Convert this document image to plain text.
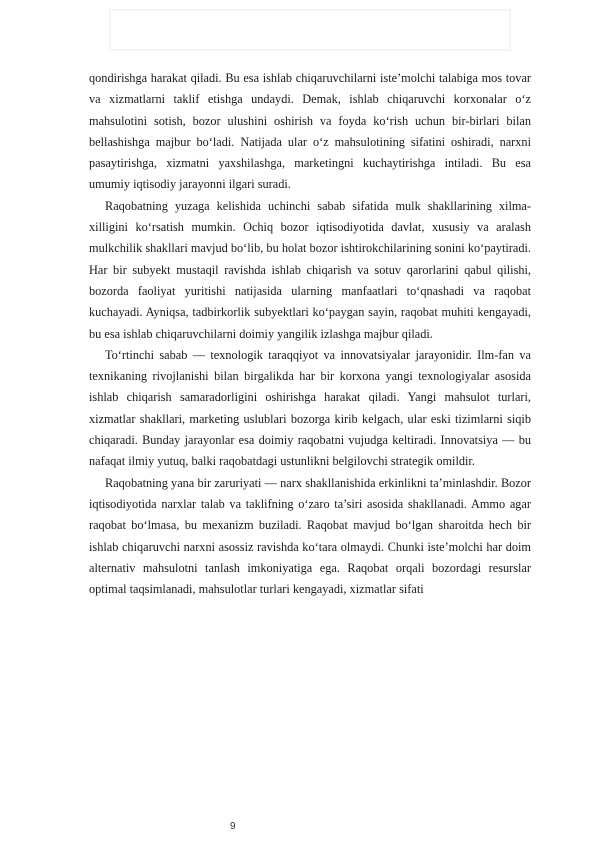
qondirishga harakat qiladi. Bu esa ishlab chiqaruvchilarni iste’molchi talabiga mos tovar va xizmatlarni taklif etishga undaydi. Demak, ishlab chiqaruvchi korxonalar o‘z mahsulotini sotish, bozor ulushini oshirish va foyda ko‘rish uchun bir-birlari bilan bellashishga majbur bo‘ladi. Natijada ular o‘z mahsulotining sifatini oshiradi, narxni pasaytirishga, xizmatni yaxshilashga, marketingni kuchaytirishga intiladi. Bu esa umumiy iqtisodiy jarayonni ilgari suradi.

Raqobatning yuzaga kelishida uchinchi sabab sifatida mulk shakllarining xilma-xilligini ko‘rsatish mumkin. Ochiq bozor iqtisodiyotida davlat, xususiy va aralash mulkchilik shakllari mavjud bo‘lib, bu holat bozor ishtirokchilarining sonini ko‘paytiradi. Har bir subyekt mustaqil ravishda ishlab chiqarish va sotuv qarorlarini qabul qilishi, bozorda faoliyat yuritishi natijasida ularning manfaatlari to‘qnashadi va raqobat kuchayadi. Ayniqsa, tadbirkorlik subyektlari ko‘paygan sayin, raqobat muhiti kengayadi, bu esa ishlab chiqaruvchilarni doimiy yangilik izlashga majbur qiladi.

To‘rtinchi sabab — texnologik taraqqiyot va innovatsiyalar jarayonidir. Ilm-fan va texnikaning rivojlanishi bilan birgalikda har bir korxona yangi texnologiyalar asosida ishlab chiqarish samaradorligini oshirishga harakat qiladi. Yangi mahsulot turlari, xizmatlar shakllari, marketing uslublari bozorga kirib kelgach, ular eski tizimlarni siqib chiqaradi. Bunday jarayonlar esa doimiy raqobatni vujudga keltiradi. Innovatsiya — bu nafaqat ilmiy yutuq, balki raqobatdagi ustunlikni belgilovchi strategik omildir.

Raqobatning yana bir zaruriyati — narx shakllanishida erkinlikni ta’minlashdir. Bozor iqtisodiyotida narxlar talab va taklifning o‘zaro ta’siri asosida shakllanadi. Ammo agar raqobat bo‘lmasa, bu mexanizm buziladi. Raqobat mavjud bo‘lgan sharoitda hech bir ishlab chiqaruvchi narxni asossiz ravishda ko‘tara olmaydi. Chunki iste’molchi har doim alternativ mahsulotni tanlash imkoniyatiga ega. Raqobat orqali bozordagi resurslar optimal taqsimlanadi, mahsulotlar turlari kengayadi, xizmatlar sifati

9
